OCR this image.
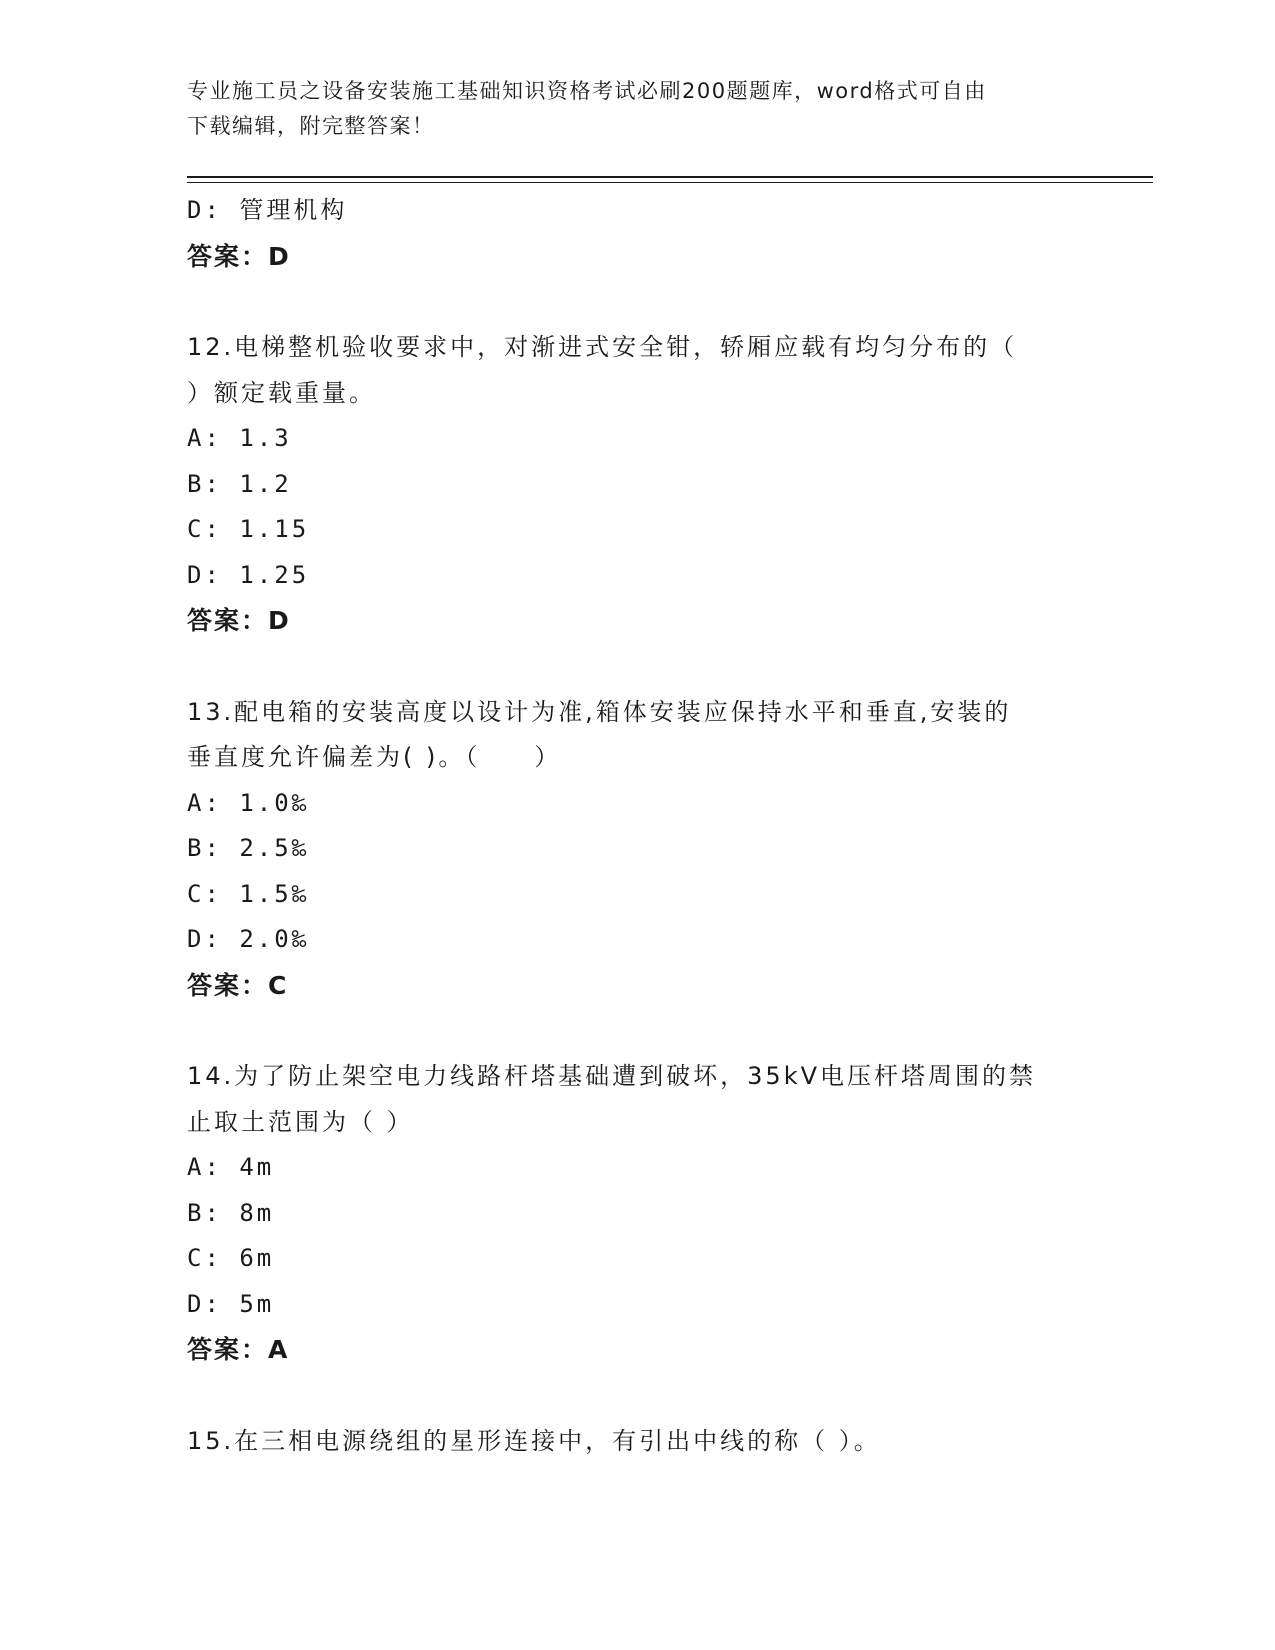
专业施工员之设备安装施工基础知识资格考试必刷200题题库，word格式可自由
下载编辑，附完整答案！
D: 管理机构
答案：D
12.电梯整机验收要求中，对渐进式安全钳，轿厢应载有均匀分布的（
）额定载重量。
A: 1.3
B: 1.2
C: 1.15
D: 1.25
答案：D
13.配电箱的安装高度以设计为准,箱体安装应保持水平和垂直,安装的
垂直度允许偏差为( )。（　　）
A: 1.0‰
B: 2.5‰
C: 1.5‰
D: 2.0‰
答案：C
14.为了防止架空电力线路杆塔基础遭到破坏，35kV电压杆塔周围的禁
止取土范围为（ ）
A: 4m
B: 8m
C: 6m
D: 5m
答案：A
15.在三相电源绕组的星形连接中，有引出中线的称（ ）。
